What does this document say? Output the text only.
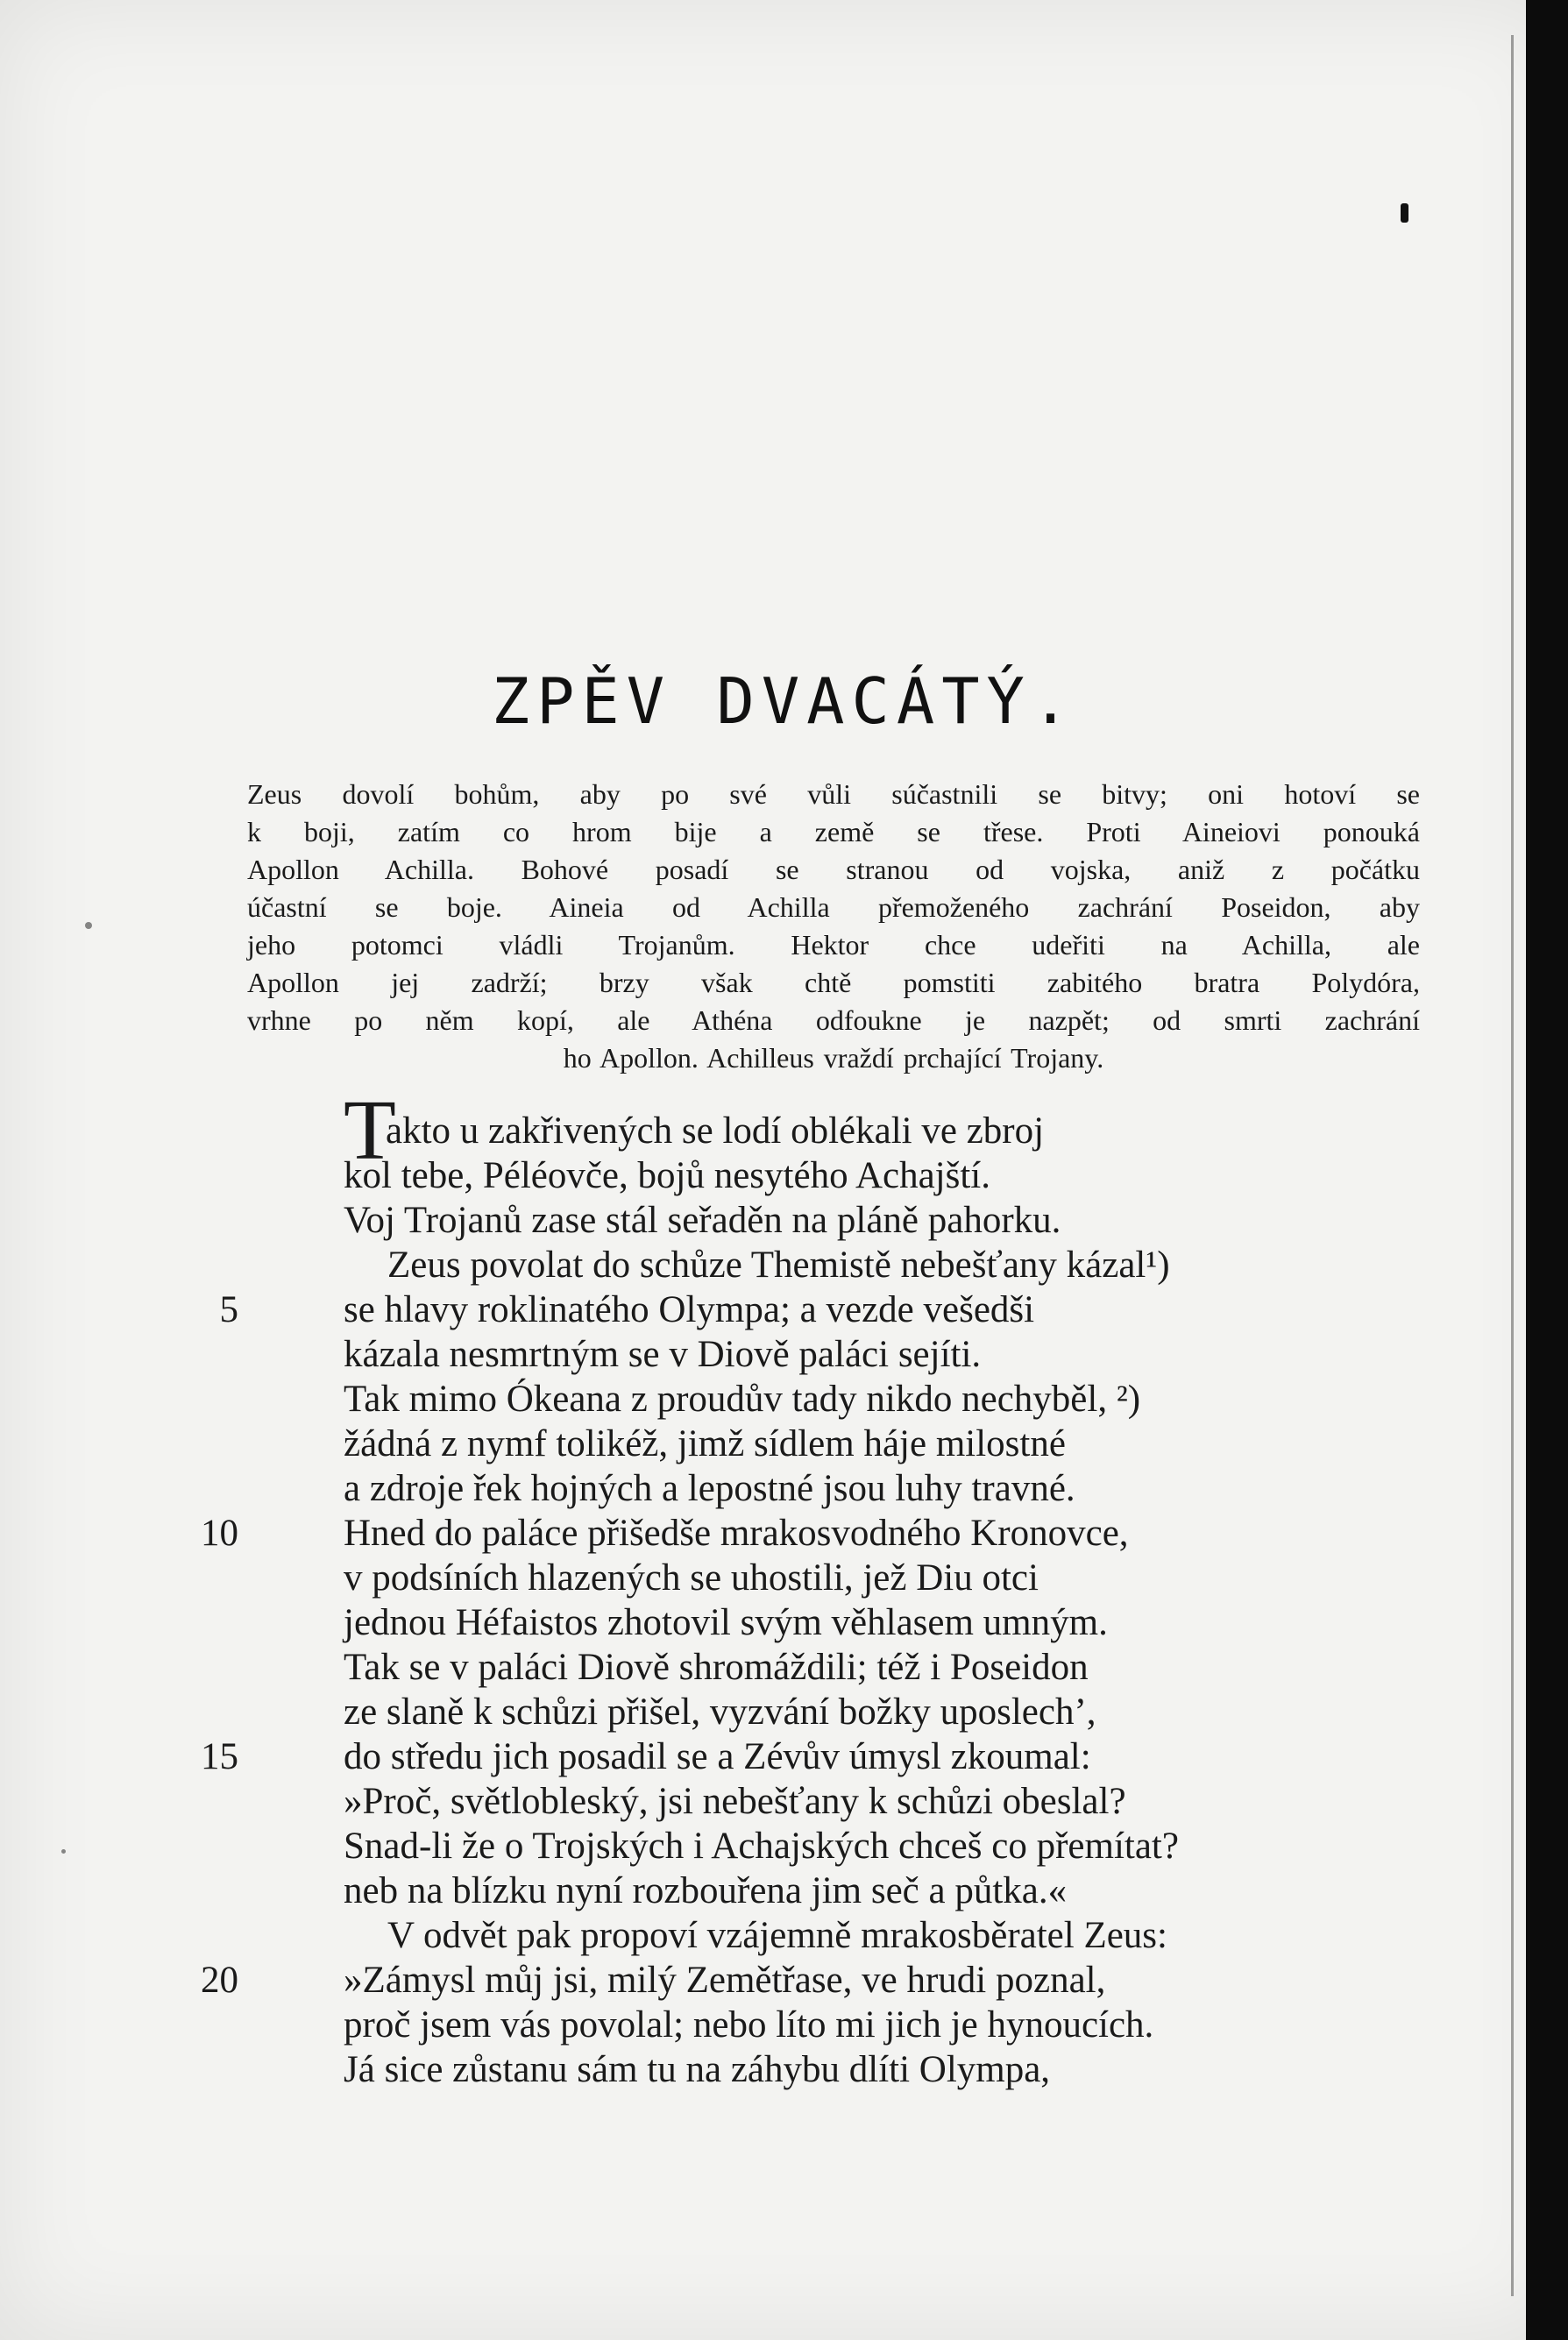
ZPĚV DVACÁTÝ.
Zeus dovolí bohům, aby po své vůli súčastnili se bitvy; oni hotoví se
k boji, zatím co hrom bije a země se třese. Proti Aineiovi ponouká
Apollon Achilla. Bohové posadí se stranou od vojska, aniž z počátku
účastní se boje. Aineia od Achilla přemoženého zachrání Poseidon, aby
jeho potomci vládli Trojanům. Hektor chce udeřiti na Achilla, ale
Apollon jej zadrží; brzy však chtě pomstiti zabitého bratra Polydóra,
vrhne po něm kopí, ale Athéna odfoukne je nazpět; od smrti zachrání
ho Apollon. Achilleus vraždí prchající Trojany.
T
akto u zakřivených se lodí oblékali ve zbroj
kol tebe, Péléovče, bojů nesytého Achajští.
Voj Trojanů zase stál seřaděn na pláně pahorku.
Zeus povolat do schůze Themistě nebešťany kázal¹)
5	se hlavy roklinatého Olympa; a vezde vešedši
kázala nesmrtným se v Diově paláci sejíti.
Tak mimo Ókeana z proudův tady nikdo nechyběl, ²)
žádná z nymf tolikéž, jimž sídlem háje milostné
a zdroje řek hojných a lepostné jsou luhy travné.
10	Hned do paláce přišedše mrakosvodného Kronovce,
v podsíních hlazených se uhostili, jež Diu otci
jednou Héfaistos zhotovil svým věhlasem umným.
Tak se v paláci Diově shromáždili; též i Poseidon
ze slaně k schůzi přišel, vyzvání božky uposlech’,
15	do středu jich posadil se a Zévův úmysl zkoumal:
»Proč, světlobleský, jsi nebešťany k schůzi obeslal?
Snad-li že o Trojských i Achajských chceš co přemítat?
neb na blízku nyní rozbouřena jim seč a půtka.«
V odvět pak propoví vzájemně mrakosběratel Zeus:
20	»Zámysl můj jsi, milý Zemětřase, ve hrudi poznal,
proč jsem vás povolal; nebo líto mi jich je hynoucích.
Já sice zůstanu sám tu na záhybu dlíti Olympa,
